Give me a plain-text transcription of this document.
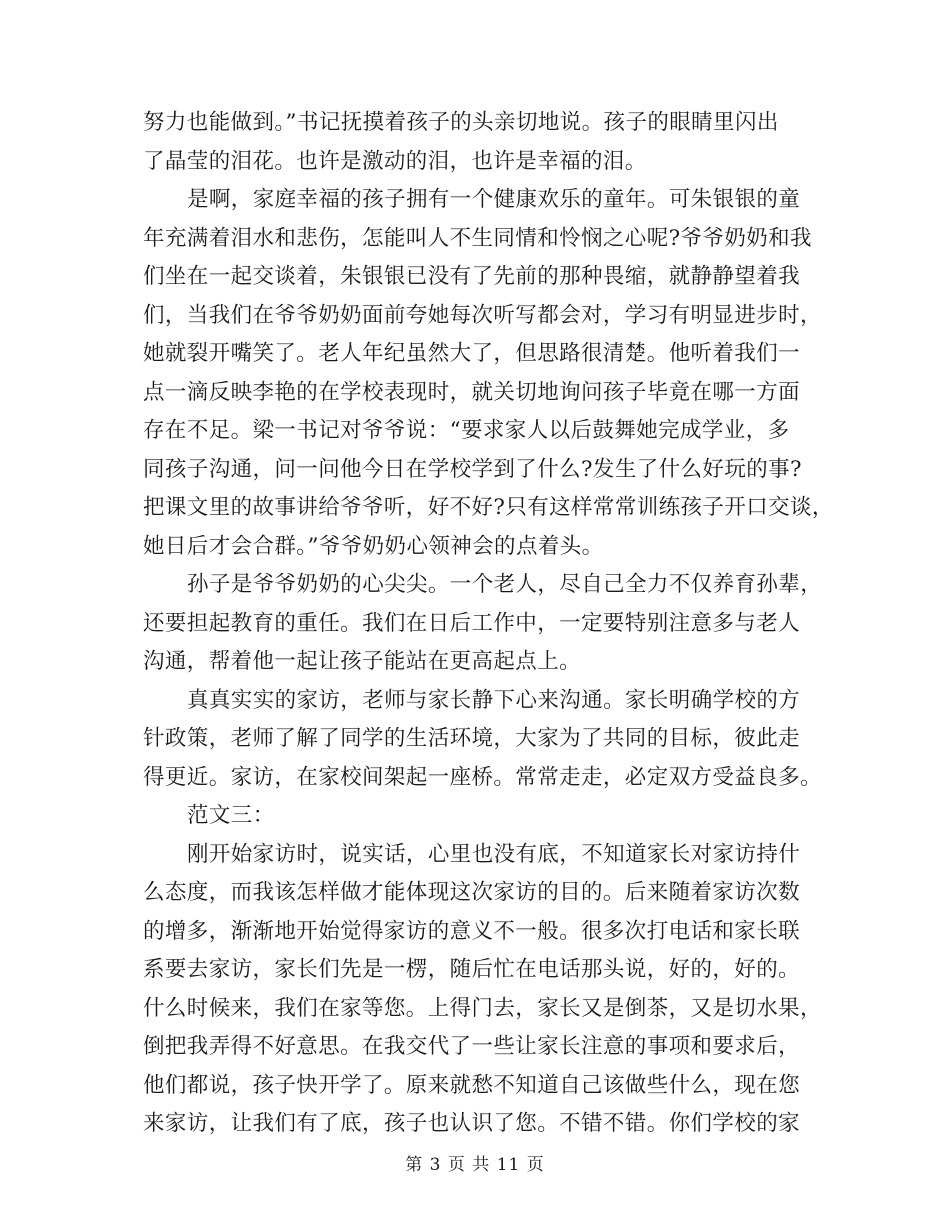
努力也能做到。”书记抚摸着孩子的头亲切地说。孩子的眼睛里闪出
了晶莹的泪花。也许是激动的泪，也许是幸福的泪。
是啊，家庭幸福的孩子拥有一个健康欢乐的童年。可朱银银的童
年充满着泪水和悲伤，怎能叫人不生同情和怜悯之心呢?爷爷奶奶和我
们坐在一起交谈着，朱银银已没有了先前的那种畏缩，就静静望着我
们，当我们在爷爷奶奶面前夸她每次听写都会对，学习有明显进步时，
她就裂开嘴笑了。老人年纪虽然大了，但思路很清楚。他听着我们一
点一滴反映李艳的在学校表现时，就关切地询问孩子毕竟在哪一方面
存在不足。梁一书记对爷爷说：“要求家人以后鼓舞她完成学业，多
同孩子沟通，问一问他今日在学校学到了什么?发生了什么好玩的事?
把课文里的故事讲给爷爷听，好不好?只有这样常常训练孩子开口交谈，
她日后才会合群。”爷爷奶奶心领神会的点着头。
孙子是爷爷奶奶的心尖尖。一个老人，尽自己全力不仅养育孙辈，
还要担起教育的重任。我们在日后工作中，一定要特别注意多与老人
沟通，帮着他一起让孩子能站在更高起点上。
真真实实的家访，老师与家长静下心来沟通。家长明确学校的方
针政策，老师了解了同学的生活环境，大家为了共同的目标，彼此走
得更近。家访，在家校间架起一座桥。常常走走，必定双方受益良多。
范文三：
刚开始家访时，说实话，心里也没有底，不知道家长对家访持什
么态度，而我该怎样做才能体现这次家访的目的。后来随着家访次数
的增多，渐渐地开始觉得家访的意义不一般。很多次打电话和家长联
系要去家访，家长们先是一楞，随后忙在电话那头说，好的，好的。
什么时候来，我们在家等您。上得门去，家长又是倒茶，又是切水果，
倒把我弄得不好意思。在我交代了一些让家长注意的事项和要求后，
他们都说，孩子快开学了。原来就愁不知道自己该做些什么，现在您
来家访，让我们有了底，孩子也认识了您。不错不错。你们学校的家
第 3 页 共 11 页
